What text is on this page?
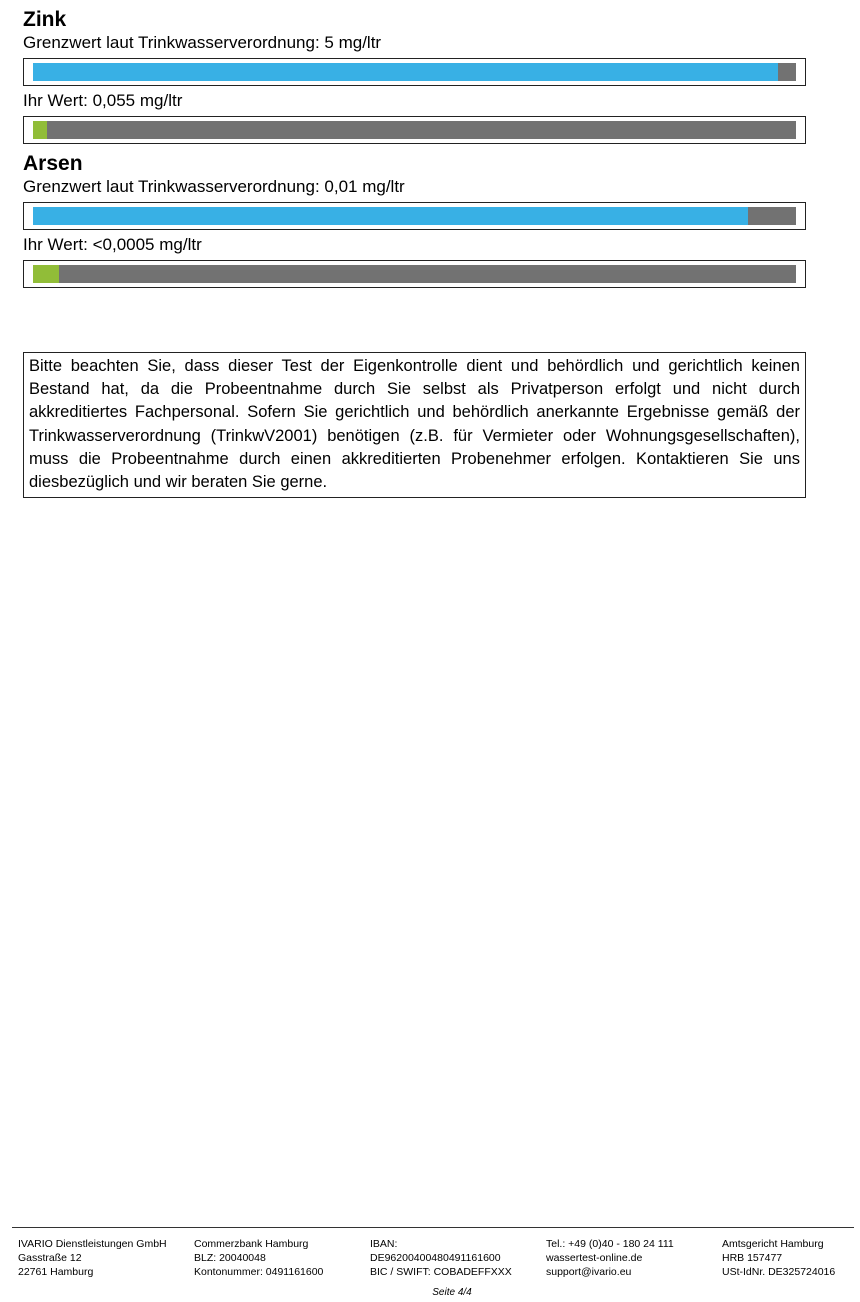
Zink
Grenzwert laut Trinkwasserverordnung: 5 mg/ltr
Ihr Wert: 0,055 mg/ltr
Arsen
Grenzwert laut Trinkwasserverordnung: 0,01 mg/ltr
Ihr Wert: <0,0005 mg/ltr
Bitte beachten Sie, dass dieser Test der Eigenkontrolle dient und behördlich und gerichtlich keinen Bestand hat, da die Probeentnahme durch Sie selbst als Privatperson erfolgt und nicht durch akkreditiertes Fachpersonal. Sofern Sie gerichtlich und behördlich anerkannte Ergebnisse gemäß der Trinkwasserverordnung (TrinkwV2001) benötigen (z.B. für Vermieter oder Wohnungsgesellschaften), muss die Probeentnahme durch einen akkreditierten Probenehmer erfolgen. Kontaktieren Sie uns diesbezüglich und wir beraten Sie gerne.
IVARIO Dienstleistungen GmbH
Gasstraße 12
22761 Hamburg
Commerzbank Hamburg
BLZ: 20040048
Kontonummer: 0491161600
IBAN:
DE96200400480491161600
BIC / SWIFT: COBADEFFXXX
Tel.: +49 (0)40 - 180 24 111
wassertest-online.de
support@ivario.eu
Amtsgericht Hamburg
HRB 157477
USt-IdNr. DE325724016
Seite 4/4
